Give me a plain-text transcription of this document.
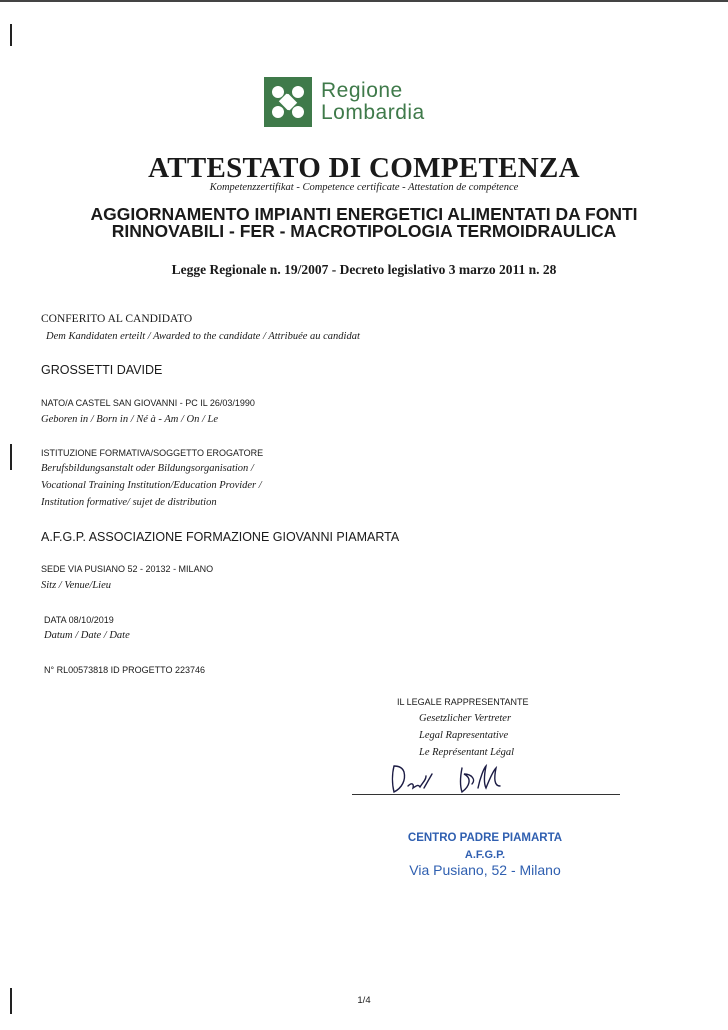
Regione
Lombardia
ATTESTATO DI COMPETENZA
Kompetenzzertifikat - Competence certificate - Attestation de compétence
AGGIORNAMENTO IMPIANTI ENERGETICI ALIMENTATI DA FONTI
RINNOVABILI - FER - MACROTIPOLOGIA TERMOIDRAULICA
Legge Regionale n. 19/2007 - Decreto legislativo 3 marzo 2011 n. 28
CONFERITO AL CANDIDATO
Dem Kandidaten erteilt / Awarded to the candidate / Attribuée au candidat
GROSSETTI DAVIDE
NATO/A CASTEL SAN GIOVANNI - PC IL 26/03/1990
Geboren in / Born in / Né à - Am / On / Le
ISTITUZIONE FORMATIVA/SOGGETTO EROGATORE
Berufsbildungsanstalt oder Bildungsorganisation /
Vocational Training Institution/Education Provider /
Institution formative/ sujet de distribution
A.F.G.P. ASSOCIAZIONE FORMAZIONE GIOVANNI PIAMARTA
SEDE VIA PUSIANO 52 - 20132 - MILANO
Sitz / Venue/Lieu
DATA 08/10/2019
Datum / Date / Date
N° RL00573818 ID PROGETTO 223746
IL LEGALE RAPPRESENTANTE
Gesetzlicher Vertreter
Legal Rapresentative
Le Représentant Légal
CENTRO PADRE PIAMARTA
A.F.G.P.
Via Pusiano, 52 - Milano
1/4
